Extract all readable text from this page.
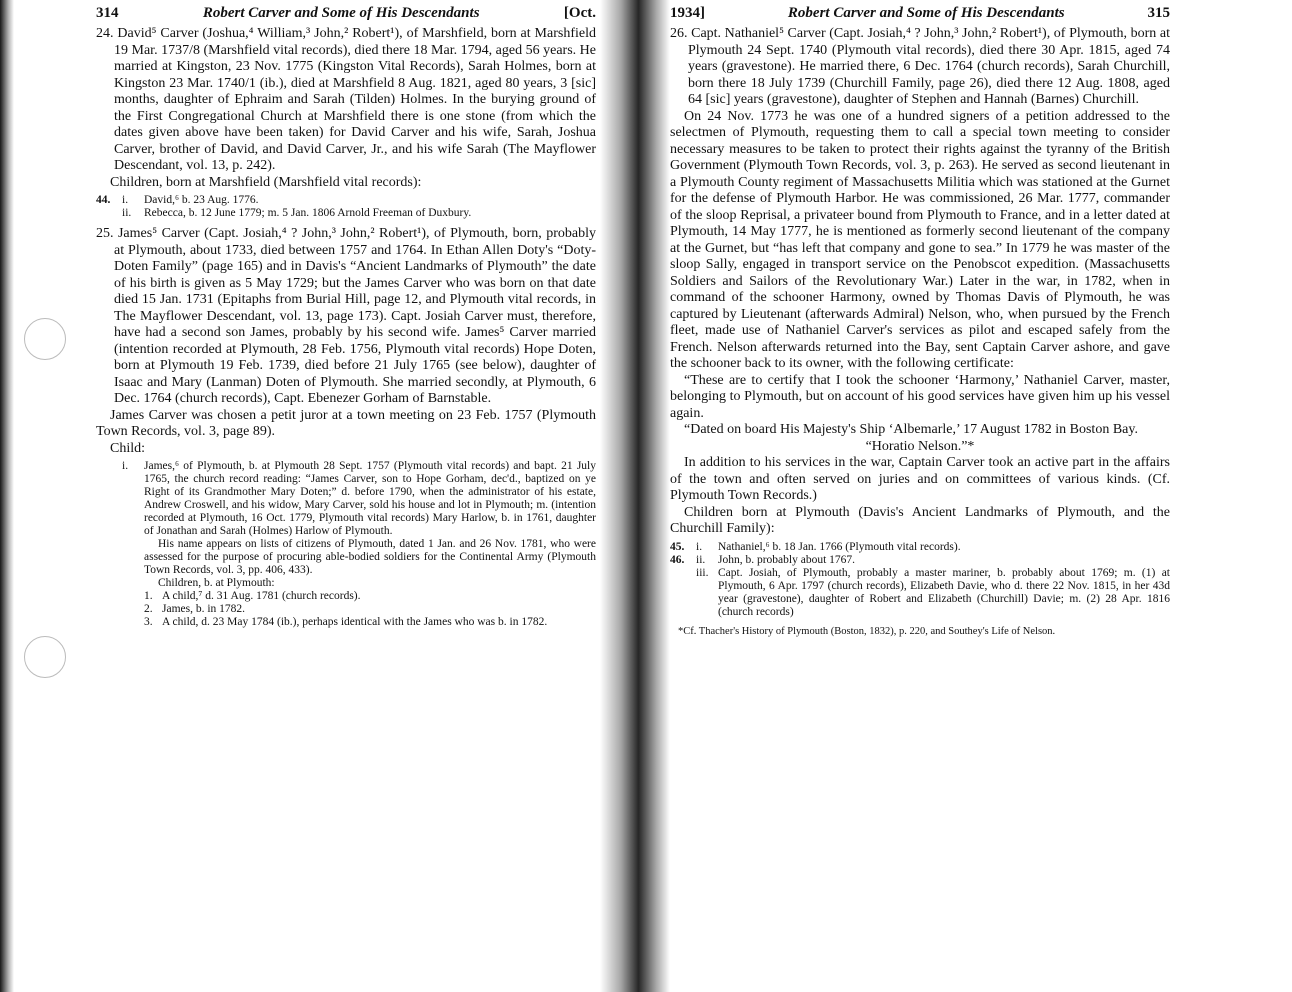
314	Robert Carver and Some of His Descendants	[Oct.

24. David⁵ Carver (Joshua,⁴ William,³ John,² Robert¹), of Marshfield, born at Marshfield 19 Mar. 1737/8 (Marshfield vital records), died there 18 Mar. 1794, aged 56 years. He married at Kingston, 23 Nov. 1775 (Kingston Vital Records), Sarah Holmes, born at Kingston 23 Mar. 1740/1 (ib.), died at Marshfield 8 Aug. 1821, aged 80 years, 3 [sic] months, daughter of Ephraim and Sarah (Tilden) Holmes. In the burying ground of the First Congregational Church at Marshfield there is one stone (from which the dates given above have been taken) for David Carver and his wife, Sarah, Joshua Carver, brother of David, and David Carver, Jr., and his wife Sarah (The Mayflower Descendant, vol. 13, p. 242).

Children, born at Marshfield (Marshfield vital records):

44.	i.	David,⁶ b. 23 Aug. 1776.
ii.	Rebecca, b. 12 June 1779; m. 5 Jan. 1806 Arnold Freeman of Duxbury.

25. James⁵ Carver (Capt. Josiah,⁴ ? John,³ John,² Robert¹), of Plymouth, born, probably at Plymouth, about 1733, died between 1757 and 1764. In Ethan Allen Doty's “Doty-Doten Family” (page 165) and in Davis's “Ancient Landmarks of Plymouth” the date of his birth is given as 5 May 1729; but the James Carver who was born on that date died 15 Jan. 1731 (Epitaphs from Burial Hill, page 12, and Plymouth vital records, in The Mayflower Descendant, vol. 13, page 173). Capt. Josiah Carver must, therefore, have had a second son James, probably by his second wife. James⁵ Carver married (intention recorded at Plymouth, 28 Feb. 1756, Plymouth vital records) Hope Doten, born at Plymouth 19 Feb. 1739, died before 21 July 1765 (see below), daughter of Isaac and Mary (Lanman) Doten of Plymouth. She married secondly, at Plymouth, 6 Dec. 1764 (church records), Capt. Ebenezer Gorham of Barnstable.

James Carver was chosen a petit juror at a town meeting on 23 Feb. 1757 (Plymouth Town Records, vol. 3, page 89).

Child:

i.	James,⁶ of Plymouth, b. at Plymouth 28 Sept. 1757 (Plymouth vital records) and bapt. 21 July 1765, the church record reading: “James Carver, son to Hope Gorham, dec'd., baptized on ye Right of its Grandmother Mary Doten;” d. before 1790, when the administrator of his estate, Andrew Croswell, and his widow, Mary Carver, sold his house and lot in Plymouth; m. (intention recorded at Plymouth, 16 Oct. 1779, Plymouth vital records) Mary Harlow, b. in 1761, daughter of Jonathan and Sarah (Holmes) Harlow of Plymouth.
His name appears on lists of citizens of Plymouth, dated 1 Jan. and 26 Nov. 1781, who were assessed for the purpose of procuring able-bodied soldiers for the Continental Army (Plymouth Town Records, vol. 3, pp. 406, 433).
Children, b. at Plymouth:
1. A child,⁷ d. 31 Aug. 1781 (church records).
2. James, b. in 1782.
3. A child, d. 23 May 1784 (ib.), perhaps identical with the James who was b. in 1782.
1934]	Robert Carver and Some of His Descendants	315

26. Capt. Nathaniel⁵ Carver (Capt. Josiah,⁴ ? John,³ John,² Robert¹), of Plymouth, born at Plymouth 24 Sept. 1740 (Plymouth vital records), died there 30 Apr. 1815, aged 74 years (gravestone). He married there, 6 Dec. 1764 (church records), Sarah Churchill, born there 18 July 1739 (Churchill Family, page 26), died there 12 Aug. 1808, aged 64 [sic] years (gravestone), daughter of Stephen and Hannah (Barnes) Churchill.

On 24 Nov. 1773 he was one of a hundred signers of a petition addressed to the selectmen of Plymouth, requesting them to call a special town meeting to consider necessary measures to be taken to protect their rights against the tyranny of the British Government (Plymouth Town Records, vol. 3, p. 263). He served as second lieutenant in a Plymouth County regiment of Massachusetts Militia which was stationed at the Gurnet for the defense of Plymouth Harbor. He was commissioned, 26 Mar. 1777, commander of the sloop Reprisal, a privateer bound from Plymouth to France, and in a letter dated at Plymouth, 14 May 1777, he is mentioned as formerly second lieutenant of the company at the Gurnet, but “has left that company and gone to sea.” In 1779 he was master of the sloop Sally, engaged in transport service on the Penobscot expedition. (Massachusetts Soldiers and Sailors of the Revolutionary War.) Later in the war, in 1782, when in command of the schooner Harmony, owned by Thomas Davis of Plymouth, he was captured by Lieutenant (afterwards Admiral) Nelson, who, when pursued by the French fleet, made use of Nathaniel Carver's services as pilot and escaped safely from the French. Nelson afterwards returned into the Bay, sent Captain Carver ashore, and gave the schooner back to its owner, with the following certificate:

“These are to certify that I took the schooner ‘Harmony,’ Nathaniel Carver, master, belonging to Plymouth, but on account of his good services have given him up his vessel again.

“Dated on board His Majesty's Ship ‘Albemarle,’ 17 August 1782 in Boston Bay.

“Horatio Nelson.”*

In addition to his services in the war, Captain Carver took an active part in the affairs of the town and often served on juries and on committees of various kinds. (Cf. Plymouth Town Records.)

Children born at Plymouth (Davis's Ancient Landmarks of Plymouth, and the Churchill Family):

45.	i.	Nathaniel,⁶ b. 18 Jan. 1766 (Plymouth vital records).
46.	ii.	John, b. probably about 1767.
iii. Capt. Josiah, of Plymouth, probably a master mariner, b. probably about 1769; m. (1) at Plymouth, 6 Apr. 1797 (church records), Elizabeth Davie, who d. there 22 Nov. 1815, in her 43d year (gravestone), daughter of Robert and Elizabeth (Churchill) Davie; m. (2) 28 Apr. 1816 (church records)
*Cf. Thacher's History of Plymouth (Boston, 1832), p. 220, and Southey's Life of Nelson.
